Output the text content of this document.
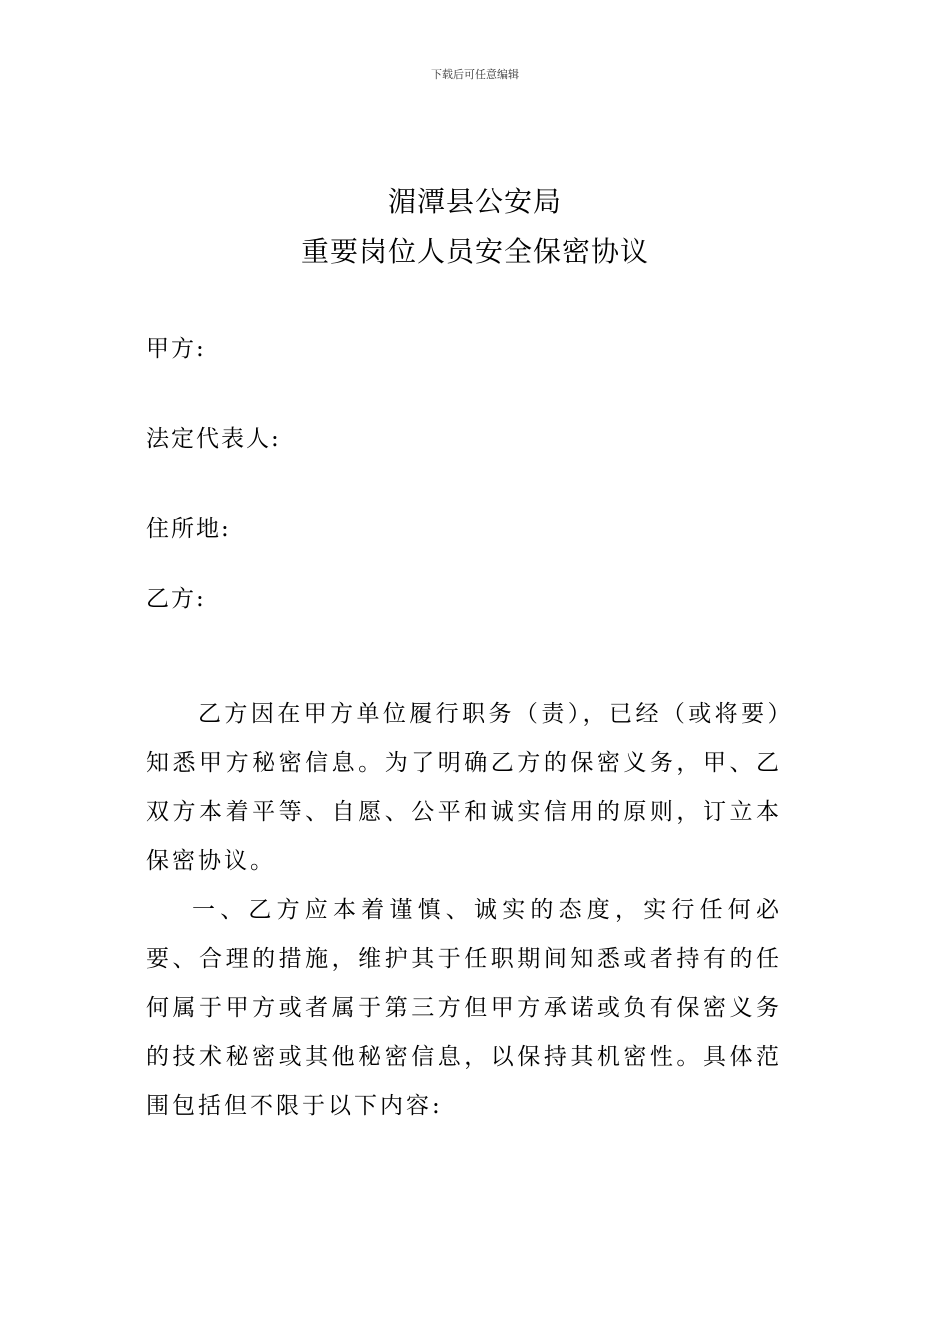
下载后可任意编辑
湄潭县公安局
重要岗位人员安全保密协议
甲方:
法定代表人:
住所地:
乙方:

乙方因在甲方单位履行职务（责），已经（或将要）知悉甲方秘密信息。为了明确乙方的保密义务，甲、乙双方本着平等、自愿、公平和诚实信用的原则，订立本保密协议。

一、乙方应本着谨慎、诚实的态度，实行任何必要、合理的措施，维护其于任职期间知悉或者持有的任何属于甲方或者属于第三方但甲方承诺或负有保密义务的技术秘密或其他秘密信息，以保持其机密性。具体范围包括但不限于以下内容:
